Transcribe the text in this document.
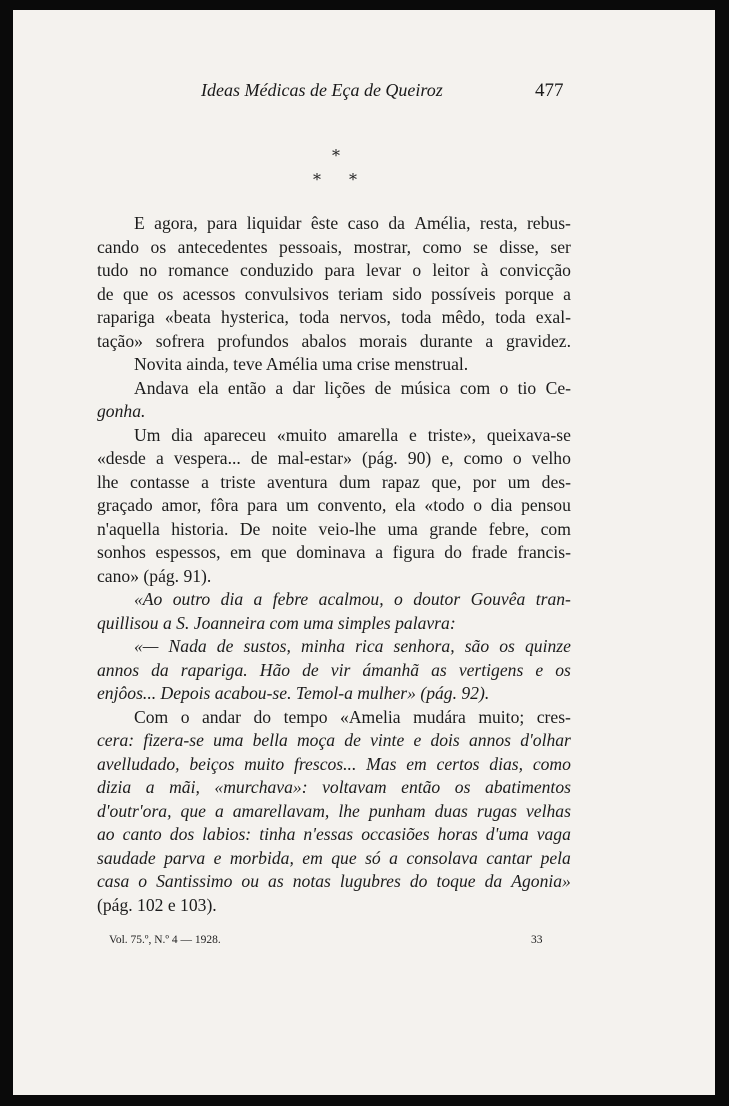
Ideas Médicas de Eça de Queiroz	477
*
* *
E agora, para liquidar êste caso da Amélia, resta, rebus-
cando os antecedentes pessoais, mostrar, como se disse, ser
tudo no romance conduzido para levar o leitor à convicção
de que os acessos convulsivos teriam sido possíveis porque a
rapariga «beata hysterica, toda nervos, toda mêdo, toda exal-
tação» sofrera profundos abalos morais durante a gravidez.
Novita ainda, teve Amélia uma crise menstrual.
Andava ela então a dar lições de música com o tio Ce-
gonha.
Um dia apareceu «muito amarella e triste», queixava-se
«desde a vespera... de mal-estar» (pág. 90) e, como o velho
lhe contasse a triste aventura dum rapaz que, por um des-
graçado amor, fôra para um convento, ela «todo o dia pensou
n'aquella historia. De noite veio-lhe uma grande febre, com
sonhos espessos, em que dominava a figura do frade francis-
cano» (pág. 91).
«Ao outro dia a febre acalmou, o doutor Gouvêa tran-
quillisou a S. Joanneira com uma simples palavra:
«— Nada de sustos, minha rica senhora, são os quinze
annos da rapariga. Hão de vir ámanhã as vertigens e os
enjôos... Depois acabou-se. Temol-a mulher» (pág. 92).
Com o andar do tempo «Amelia mudára muito; cres-
cera: fizera-se uma bella moça de vinte e dois annos d'olhar
avelludado, beiços muito frescos... Mas em certos dias, como
dizia a mãi, «murchava»: voltavam então os abatimentos
d'outr'ora, que a amarellavam, lhe punham duas rugas velhas
ao canto dos labios: tinha n'essas occasiões horas d'uma vaga
saudade parva e morbida, em que só a consolava cantar pela
casa o Santissimo ou as notas lugubres do toque da Agonia»
(pág. 102 e 103).
Vol. 75.º, N.º 4 — 1928.	33
